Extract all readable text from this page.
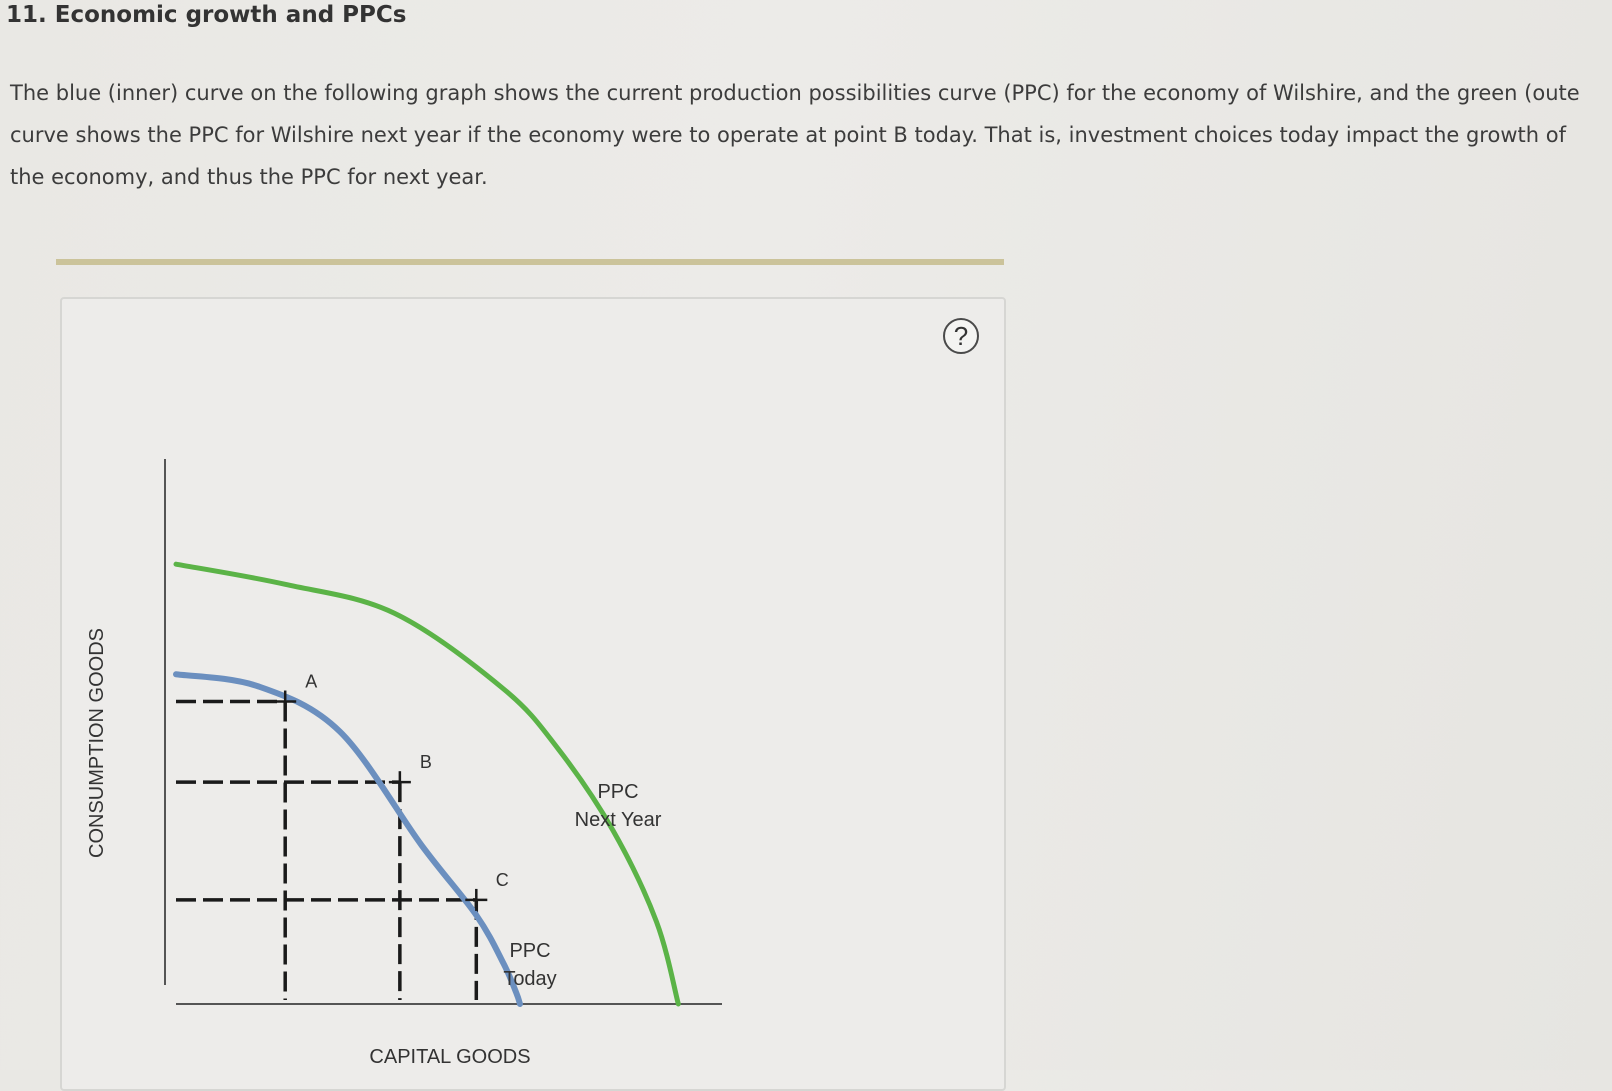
11. Economic growth and PPCs
The blue (inner) curve on the following graph shows the current production possibilities curve (PPC) for the economy of Wilshire, and the green (oute
curve shows the PPC for Wilshire next year if the economy were to operate at point B today. That is, investment choices today impact the growth of
the economy, and thus the PPC for next year.
?
A
B
C
CONSUMPTION GOODS
CAPITAL GOODS
PPC
Today
PPC
Next Year
